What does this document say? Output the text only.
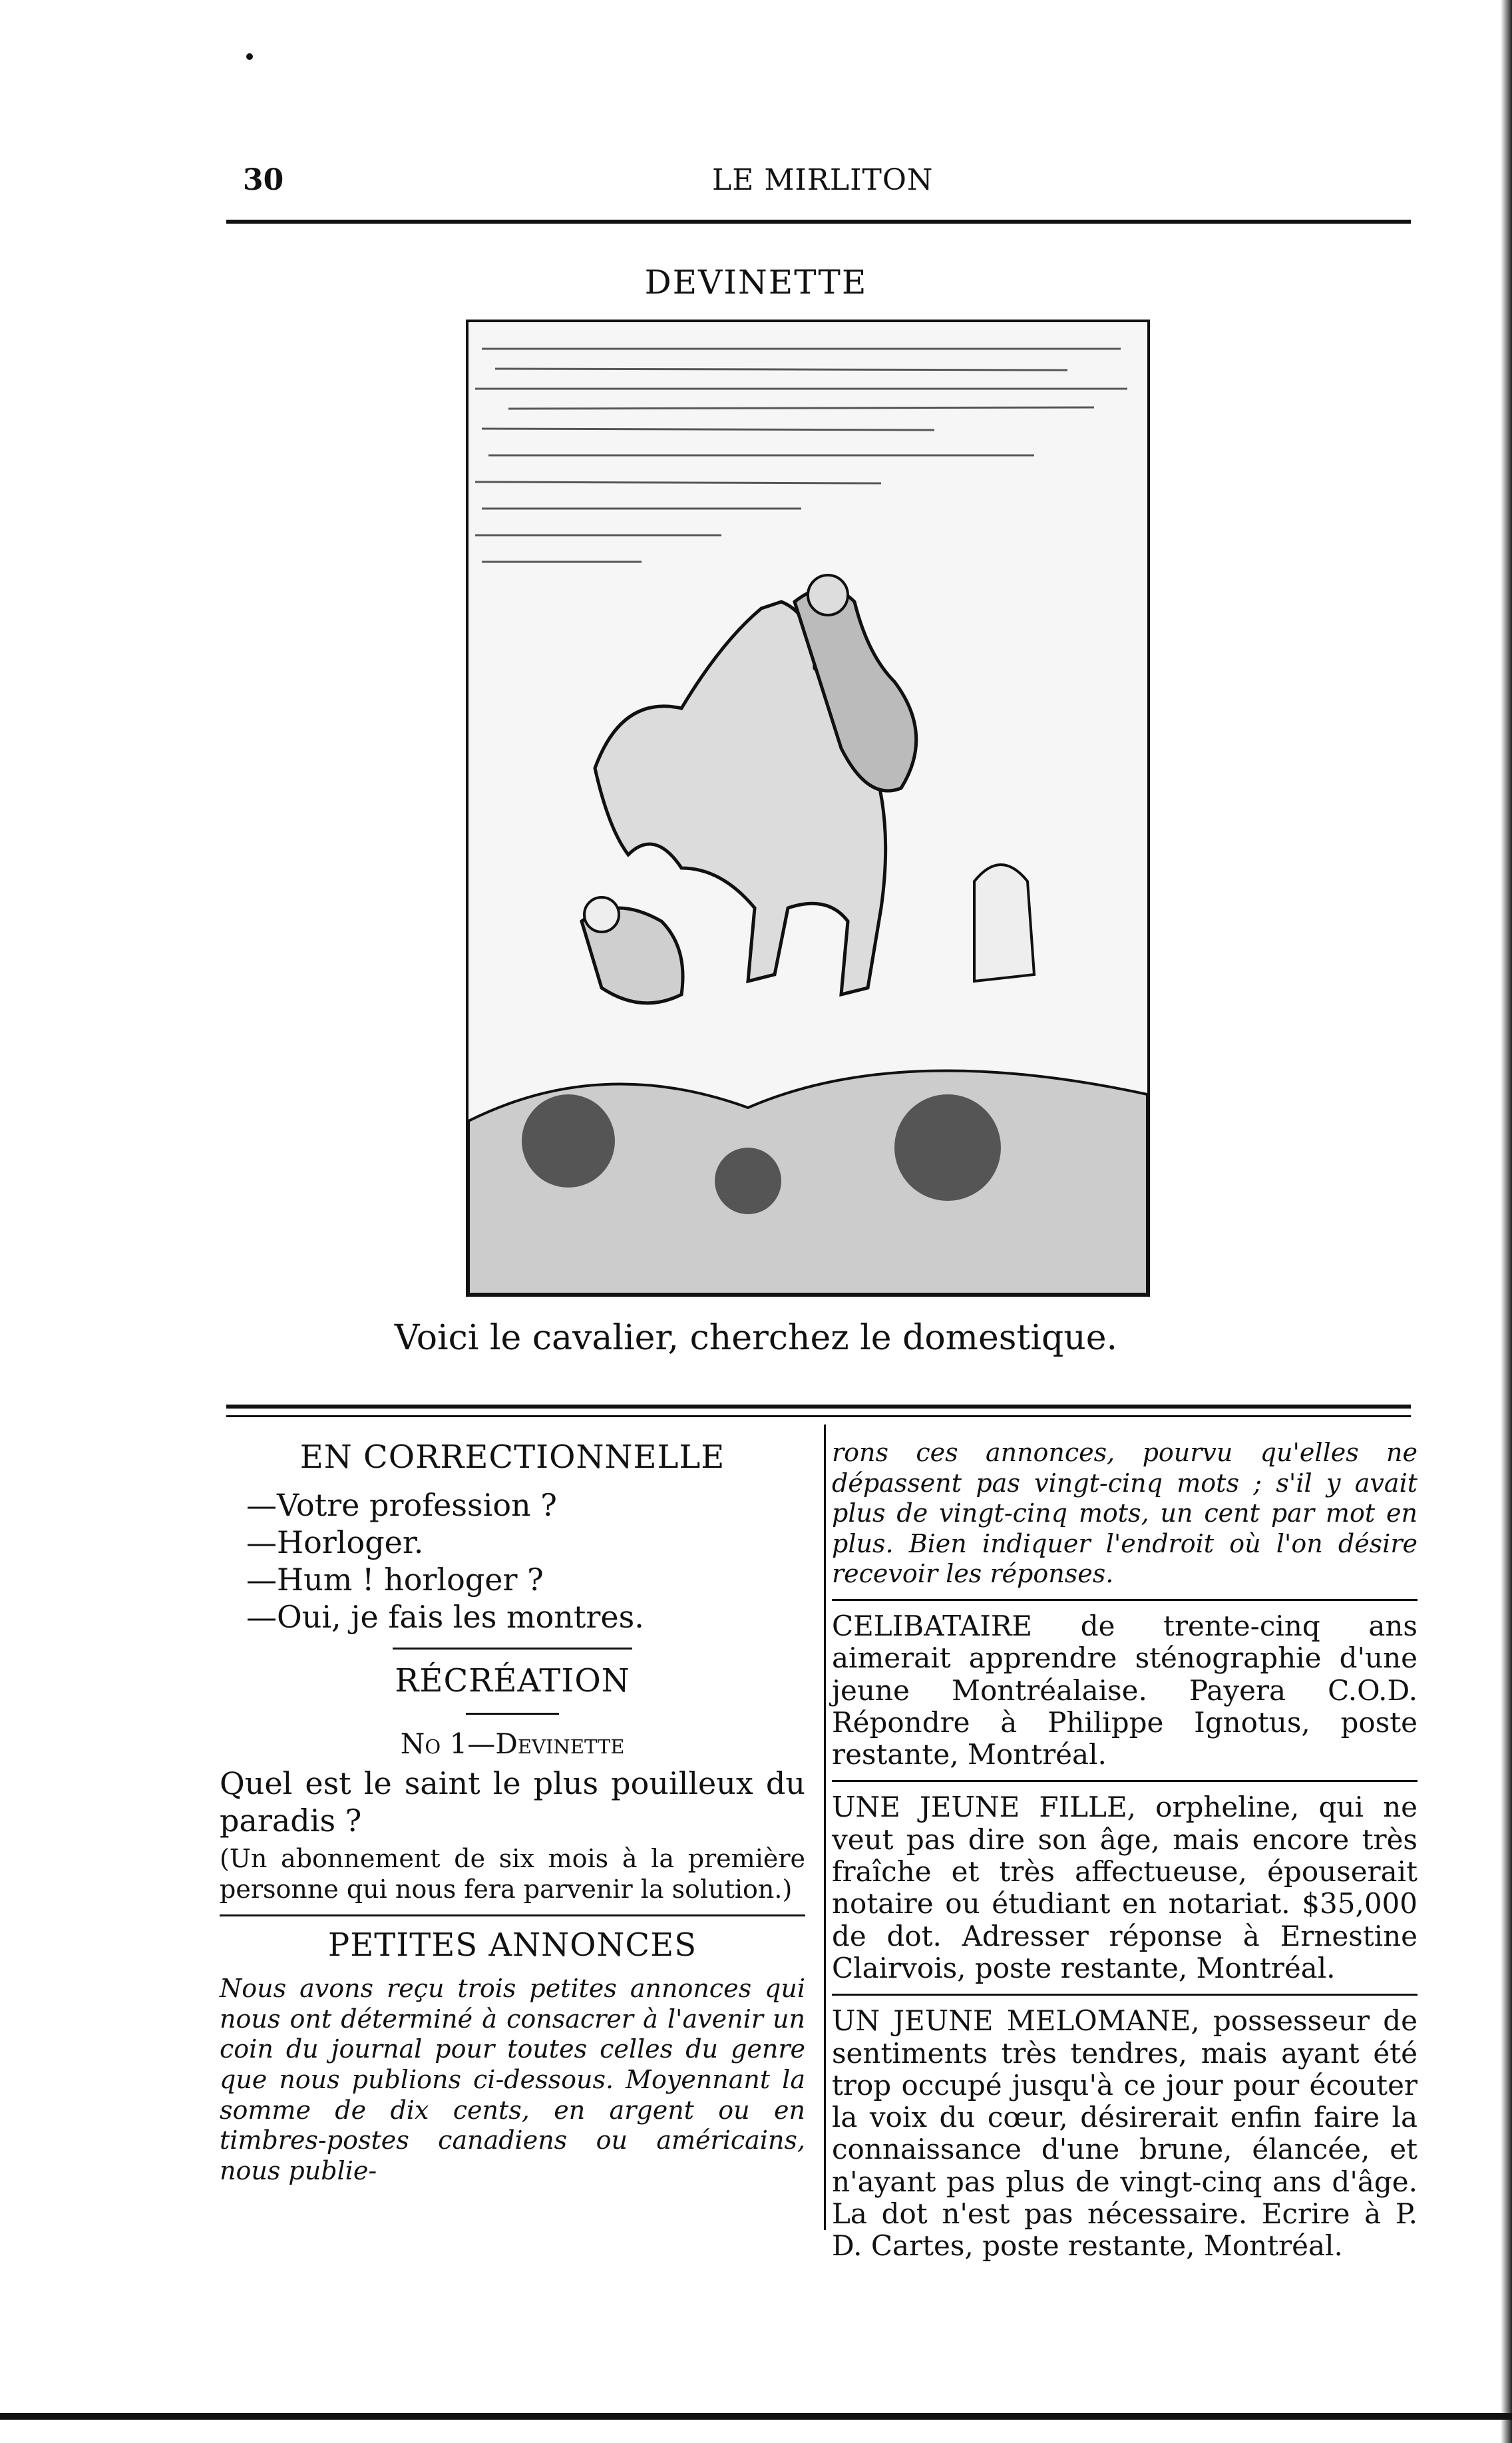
30	LE MIRLITON
DEVINETTE
Voici le cavalier, cherchez le domestique.
EN CORRECTIONNELLE

—Votre profession ?

—Horloger.

—Hum ! horloger ?

—Oui, je fais les montres.

RÉCRÉATION
No 1—Devinette

Quel est le saint le plus pouilleux du paradis ?

(Un abonnement de six mois à la première personne qui nous fera parvenir la solution.)

PETITES ANNONCES

Nous avons reçu trois petites annonces qui nous ont déterminé à consacrer à l'avenir un coin du journal pour toutes celles du genre que nous publions ci-dessous. Moyennant la somme de dix cents, en argent ou en timbres-postes canadiens ou américains, nous publie-

rons ces annonces, pourvu qu'elles ne dépassent pas vingt-cinq mots ; s'il y avait plus de vingt-cinq mots, un cent par mot en plus. Bien indiquer l'endroit où l'on désire recevoir les réponses.

CELIBATAIRE de trente-cinq ans aimerait apprendre sténographie d'une jeune Montréalaise. Payera C.O.D. Répondre à Philippe Ignotus, poste restante, Montréal.

UNE JEUNE FILLE, orpheline, qui ne veut pas dire son âge, mais encore très fraîche et très affectueuse, épouserait notaire ou étudiant en notariat. $35,000 de dot. Adresser réponse à Ernestine Clairvois, poste restante, Montréal.

UN JEUNE MELOMANE, possesseur de sentiments très tendres, mais ayant été trop occupé jusqu'à ce jour pour écouter la voix du cœur, désirerait enfin faire la connaissance d'une brune, élancée, et n'ayant pas plus de vingt-cinq ans d'âge. La dot n'est pas nécessaire. Ecrire à P. D. Cartes, poste restante, Montréal.
